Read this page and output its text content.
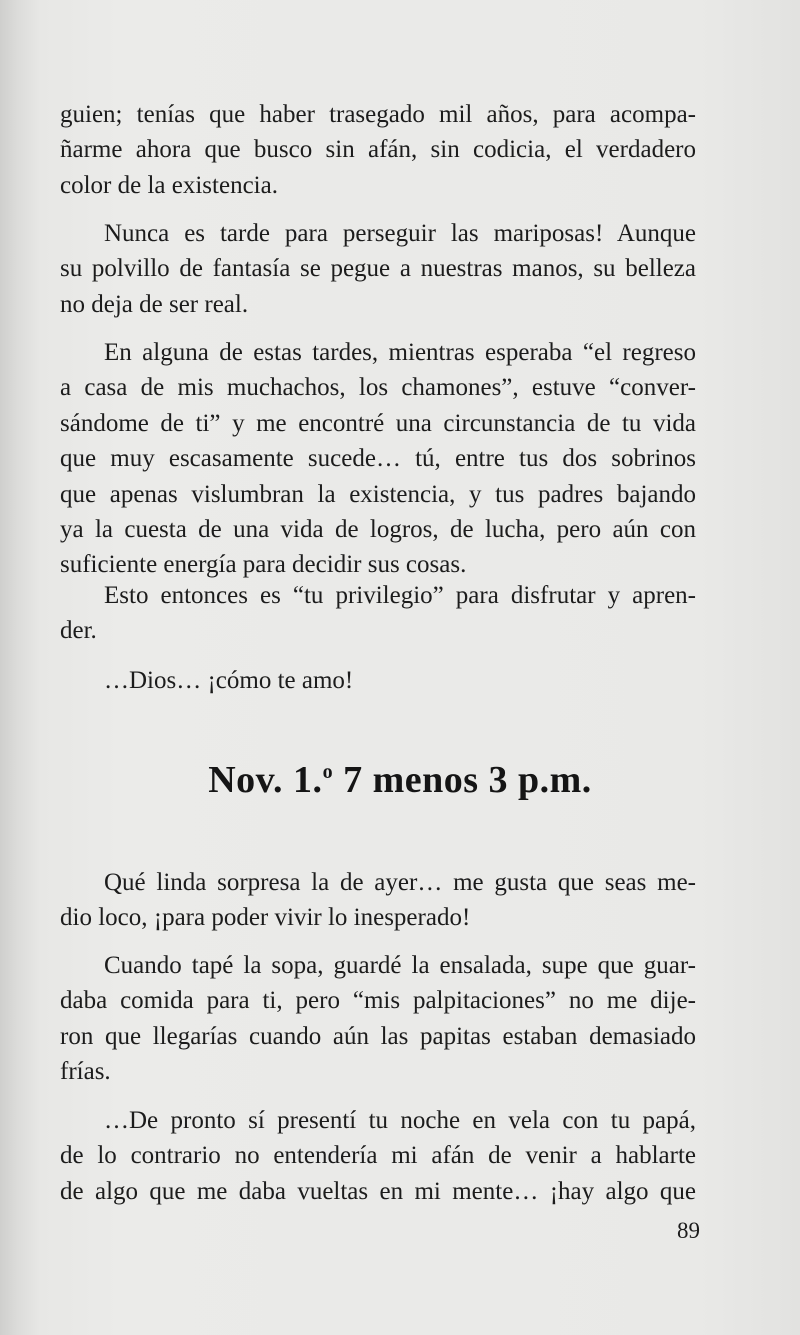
guien; tenías que haber trasegado mil años, para acompa-
ñarme ahora que busco sin afán, sin codicia, el verdadero
color de la existencia.
Nunca es tarde para perseguir las mariposas! Aunque
su polvillo de fantasía se pegue a nuestras manos, su belleza
no deja de ser real.
En alguna de estas tardes, mientras esperaba “el regreso
a casa de mis muchachos, los chamones”, estuve “conver-
sándome de ti” y me encontré una circunstancia de tu vida
que muy escasamente sucede… tú, entre tus dos sobrinos
que apenas vislumbran la existencia, y tus padres bajando
ya la cuesta de una vida de logros, de lucha, pero aún con
suficiente energía para decidir sus cosas.
Esto entonces es “tu privilegio” para disfrutar y apren-
der.
…Dios… ¡cómo te amo!
Nov. 1.$^o$ 7 menos 3 p.m.
Qué linda sorpresa la de ayer… me gusta que seas me-
dio loco, ¡para poder vivir lo inesperado!
Cuando tapé la sopa, guardé la ensalada, supe que guar-
daba comida para ti, pero “mis palpitaciones” no me dije-
ron que llegarías cuando aún las papitas estaban demasiado
frías.
…De pronto sí presentí tu noche en vela con tu papá,
de lo contrario no entendería mi afán de venir a hablarte
de algo que me daba vueltas en mi mente… ¡hay algo que
89
